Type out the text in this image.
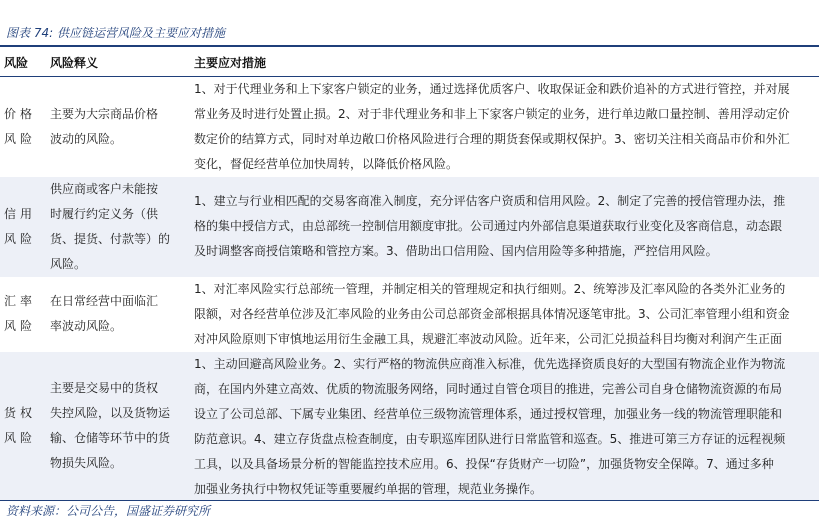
图表 74: 供应链运营风险及主要应对措施
风险 风险释义	主要应对措施
价格
风险
主要为大宗商品价格
波动的风险。
1、对于代理业务和上下家客户锁定的业务，通过选择优质客户、收取保证金和跌价追补的方式进行管控，并对展
常业务及时进行处置止损。2、对于非代理业务和非上下家客户锁定的业务，进行单边敞口量控制、善用浮动定价
数定价的结算方式，同时对单边敞口价格风险进行合理的期货套保或期权保护。3、密切关注相关商品市价和外汇
变化，督促经营单位加快周转，以降低价格风险。
信用
风险
供应商或客户未能按
时履行约定义务（供
货、提货、付款等）的
风险。
1、建立与行业相匹配的交易客商准入制度，充分评估客户资质和信用风险。2、制定了完善的授信管理办法，推
格的集中授信方式，由总部统一控制信用额度审批。公司通过内外部信息渠道获取行业变化及客商信息，动态跟
及时调整客商授信策略和管控方案。3、借助出口信用险、国内信用险等多种措施，严控信用风险。
汇率
风险
在日常经营中面临汇
率波动风险。
1、对汇率风险实行总部统一管理，并制定相关的管理规定和执行细则。2、统筹涉及汇率风险的各类外汇业务的
限额，对各经营单位涉及汇率风险的业务由公司总部资金部根据具体情况逐笔审批。3、公司汇率管理小组和资金
对冲风险原则下审慎地运用衍生金融工具，规避汇率波动风险。近年来，公司汇兑损益科目均衡对利润产生正面
货权
风险
主要是交易中的货权
失控风险，以及货物运
输、仓储等环节中的货
物损失风险。
1、主动回避高风险业务。2、实行严格的物流供应商准入标准，优先选择资质良好的大型国有物流企业作为物流
商，在国内外建立高效、优质的物流服务网络，同时通过自管仓项目的推进，完善公司自身仓储物流资源的布局
设立了公司总部、下属专业集团、经营单位三级物流管理体系，通过授权管理，加强业务一线的物流管理职能和
防范意识。4、建立存货盘点检查制度，由专职巡库团队进行日常监管和巡查。5、推进可第三方存证的远程视频
工具，以及具备场景分析的智能监控技术应用。6、投保“存货财产一切险”，加强货物安全保障。7、通过多种
加强业务执行中物权凭证等重要履约单据的管理，规范业务操作。
资料来源：公司公告，国盛证券研究所
